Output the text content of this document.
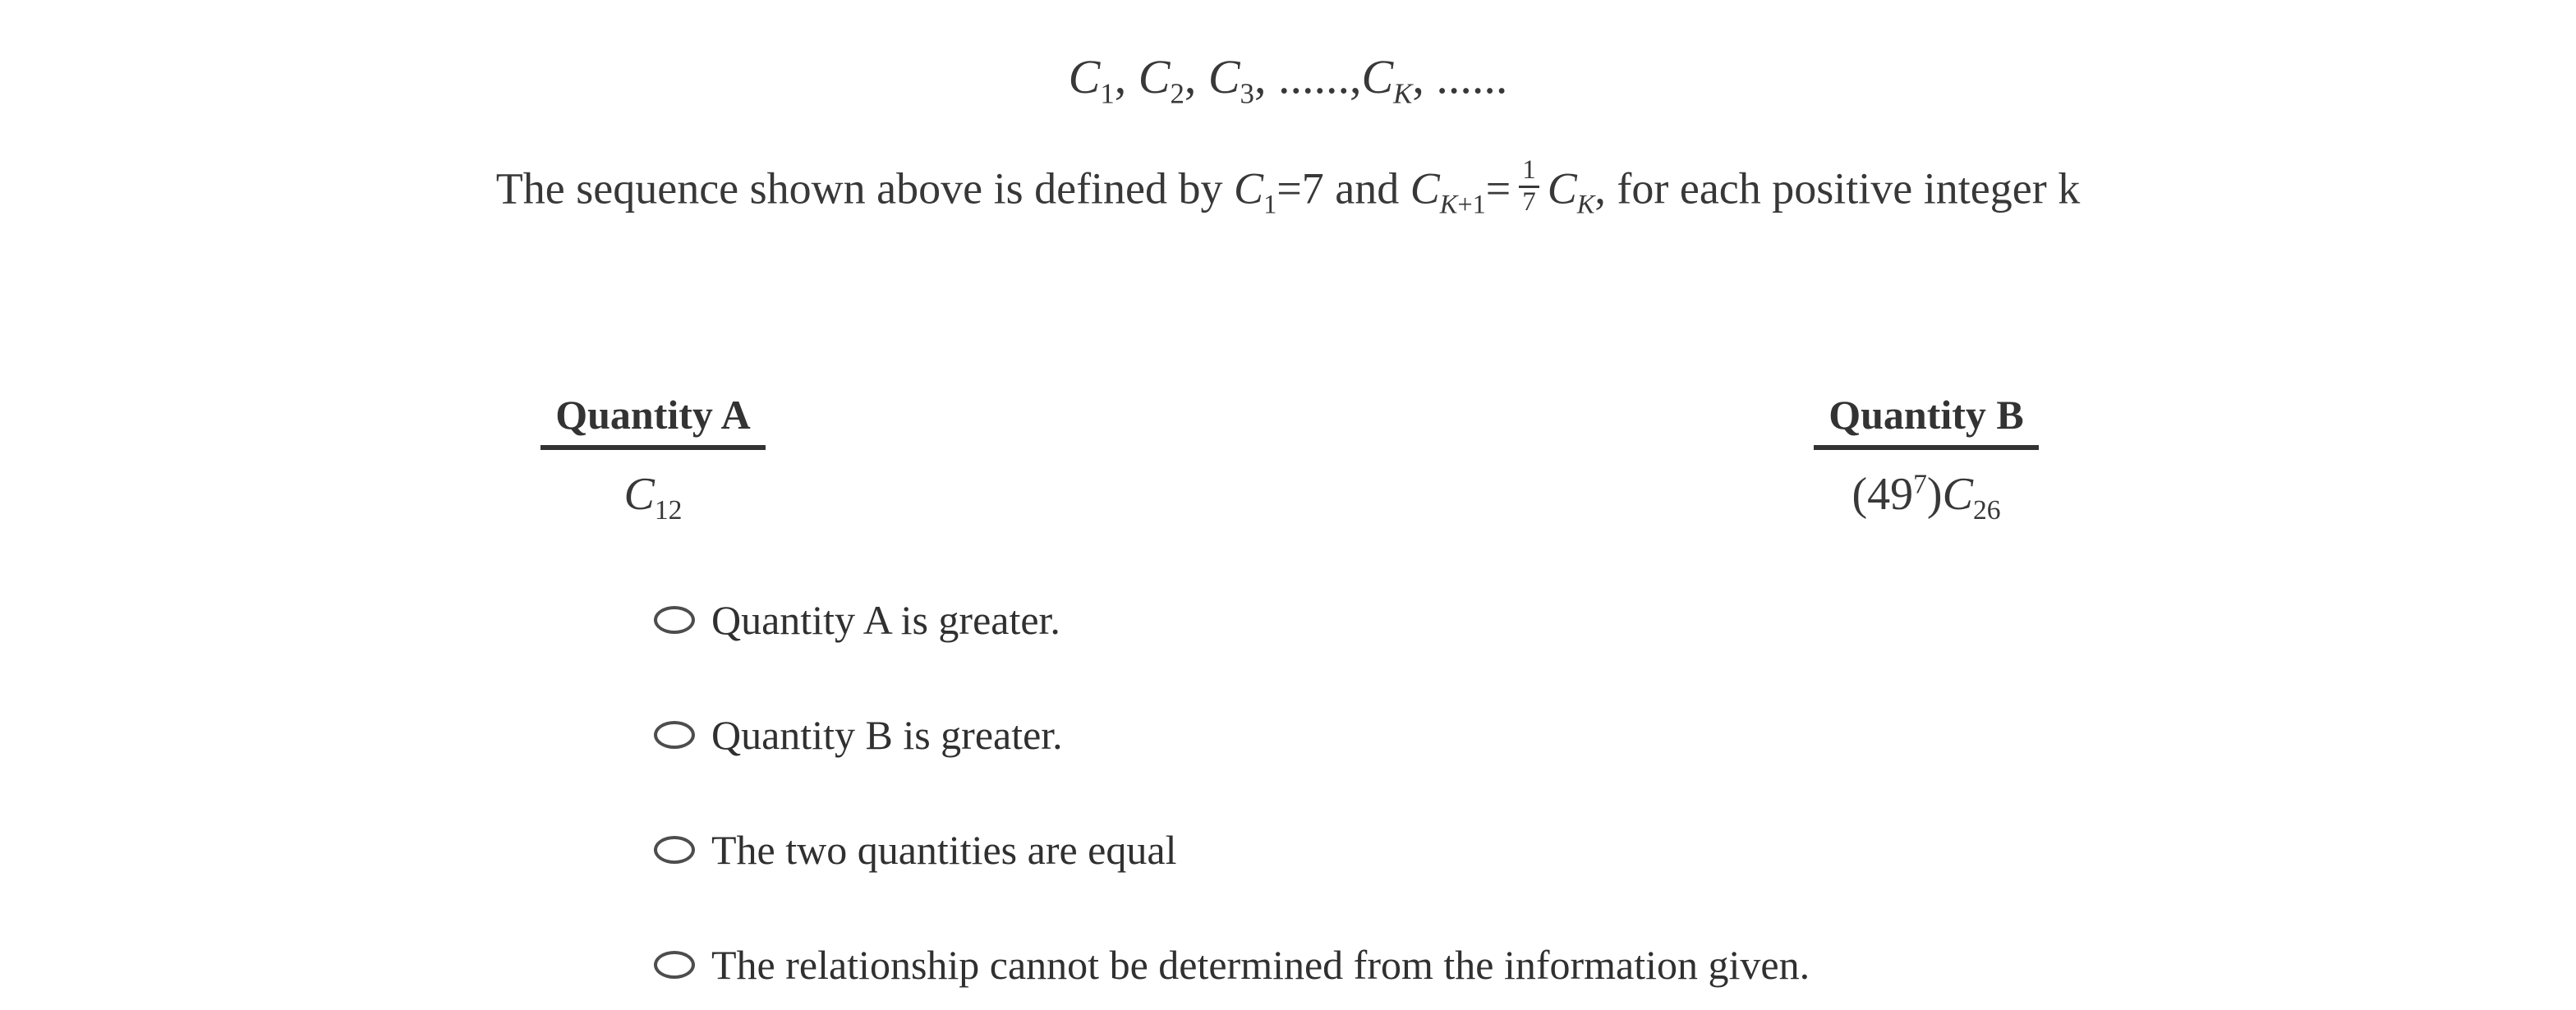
$C_1$, $C_2$, $C_3$, $......,C_K$, ......
The sequence shown above is defined by $C_1=7$ and $C_{K+1}= \frac{1}{7} C_K$, for each positive integer k
Quantity A
$C_{12}$
Quantity B
$(49^7)C_{26}$
Quantity A is greater.
Quantity B is greater.
The two quantities are equal
The relationship cannot be determined from the information given.
